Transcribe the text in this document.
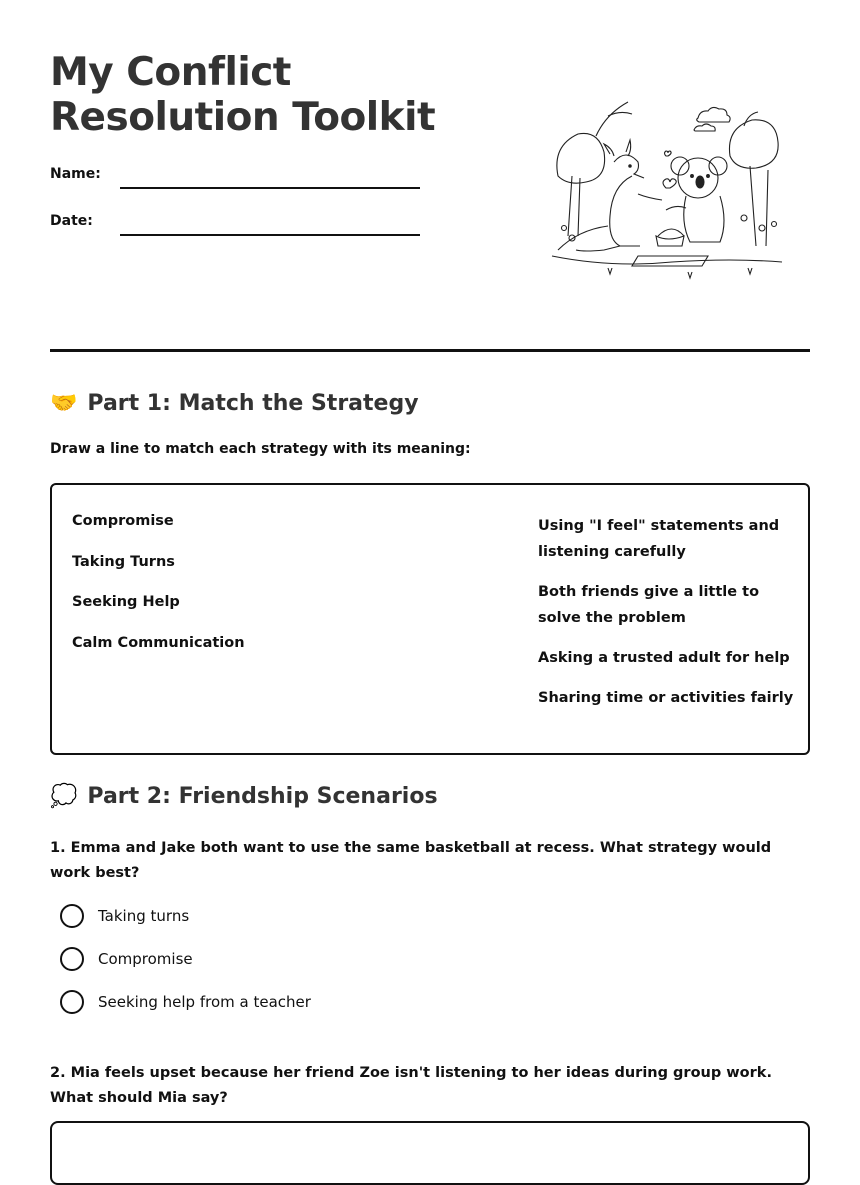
My Conflict Resolution Toolkit
Name:
Date:
🤝 Part 1: Match the Strategy
Draw a line to match each strategy with its meaning:
Compromise
Taking Turns
Seeking Help
Calm Communication
Using "I feel" statements and listening carefully
Both friends give a little to solve the problem
Asking a trusted adult for help
Sharing time or activities fairly
💭 Part 2: Friendship Scenarios
1. Emma and Jake both want to use the same basketball at recess. What strategy would work best?
Taking turns
Compromise
Seeking help from a teacher
2. Mia feels upset because her friend Zoe isn't listening to her ideas during group work. What should Mia say?
